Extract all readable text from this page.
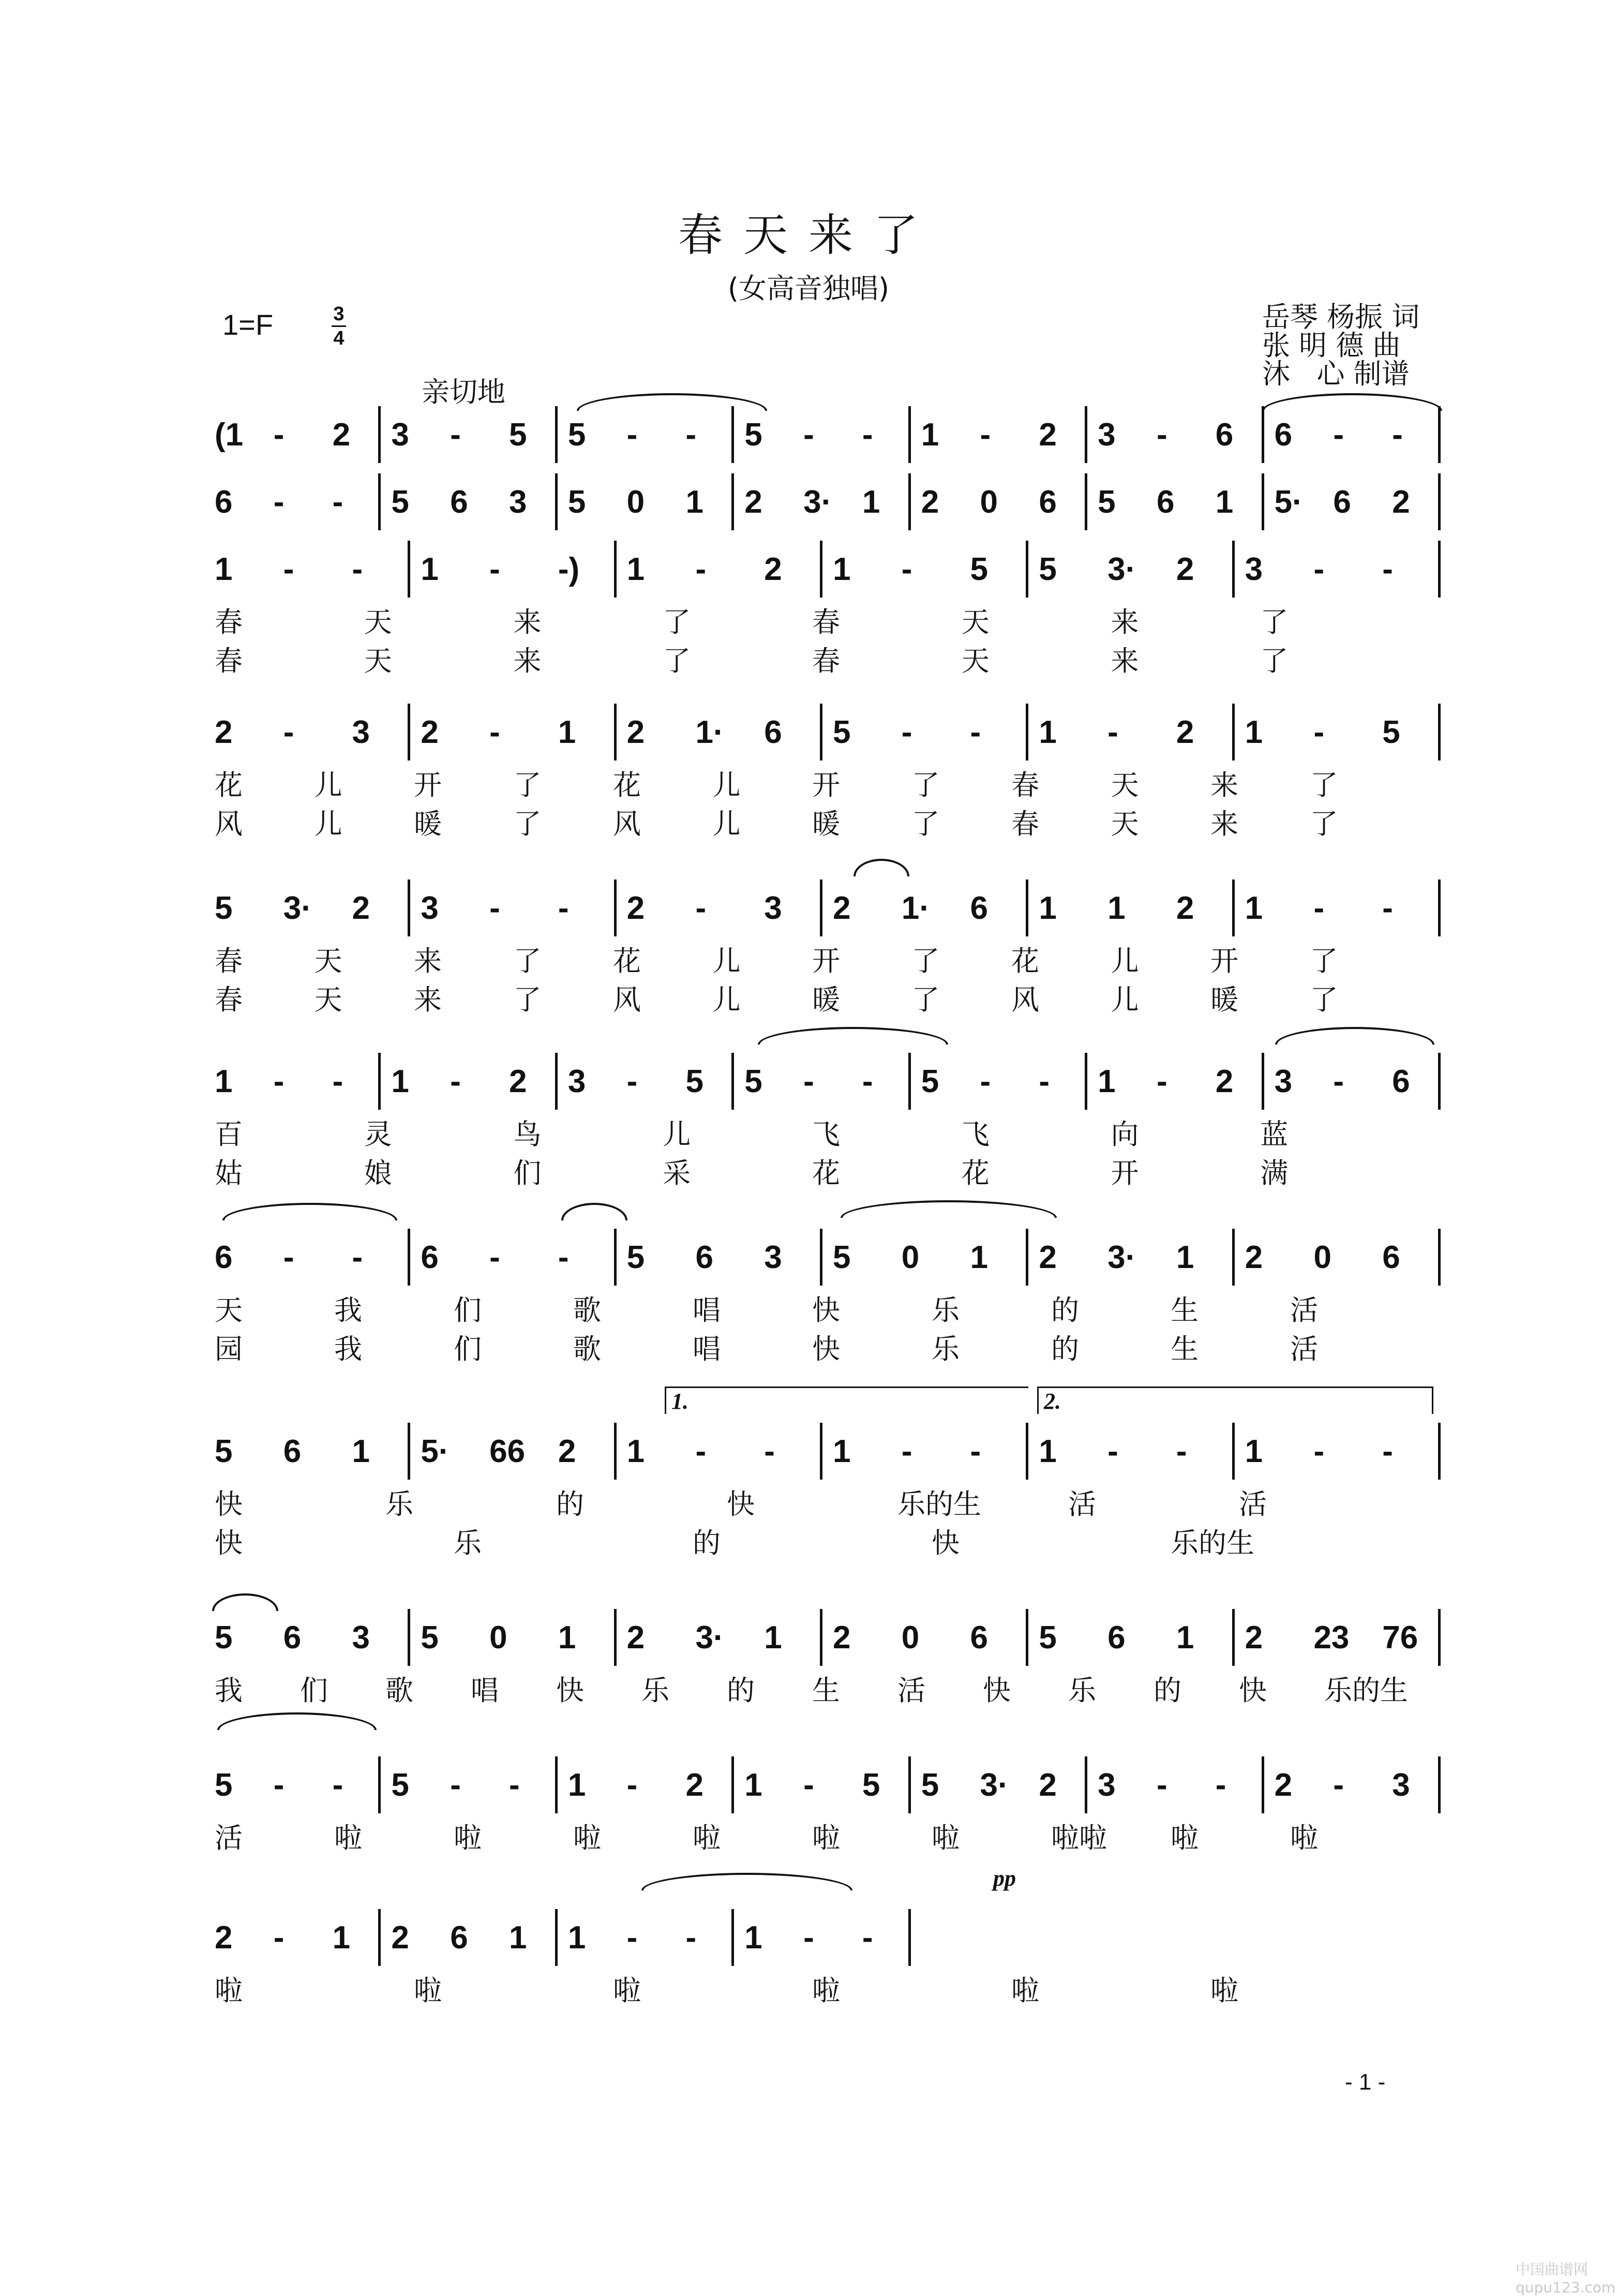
春天来了
(女高音独唱)
1=F	3
4
岳琴 杨振 词
张 明 德 曲
沐   心 制谱
亲切地
(1 - 2 3 - 5 5 - - 5 - - 1 - 2 3 - 6 6 - -
6 - - 5 6 3 5 0 1 2 3· 1 2 0 6 5 6 1 5· 6 2
1 - - 1 - -) 1 - 2 1 - 5 5 3· 2 3 - -
春	天	来	了	春	天	来	了
春	天	来	了	春	天	来	了
2 - 3 2 - 1 2 1· 6 5 - - 1 - 2 1 - 5
花	儿	开	了	花	儿	开	了	春	天	来	了
风	儿	暖	了	风	儿	暖	了	春	天	来	了
5 3· 2 3 - - 2 - 3 2 1· 6 1 1 2 1 - -
春	天	来	了	花	儿	开	了	花	儿	开	了
春	天	来	了	风	儿	暖	了	风	儿	暖	了
1 - - 1 - 2 3 - 5 5 - - 5 - - 1 - 2 3 - 6
百	灵	鸟	儿	飞	飞	向	蓝
姑	娘	们	采	花	花	开	满
6 - - 6 - - 5 6 3 5 0 1 2 3· 1 2 0 6
天	我	们	歌	唱	快	乐	的	生	活
园	我	们	歌	唱	快	乐	的	生	活
5 6 1 5· 66 2 1 - - 1 - - 1 - - 1 - -
快	乐	的	快	乐的生	活	活
快	乐	的	快	乐的生
5 6 3 5 0 1 2 3· 1 2 0 6 5 6 1 2 23 76
我 们 歌 唱 快 乐 的 生 活 快 乐 的 快 乐的生
5 - - 5 - - 1 - 2 1 - 5 5 3· 2 3 - - 2 - 3
活	啦	啦	啦	啦	啦	啦	啦啦 啦	啦
2 - 1 2 6 1 1 - - 1 - -
啦	啦	啦	啦	啦	啦
1.	2.
pp
- 1 -
中国曲谱网 qupu123.com
